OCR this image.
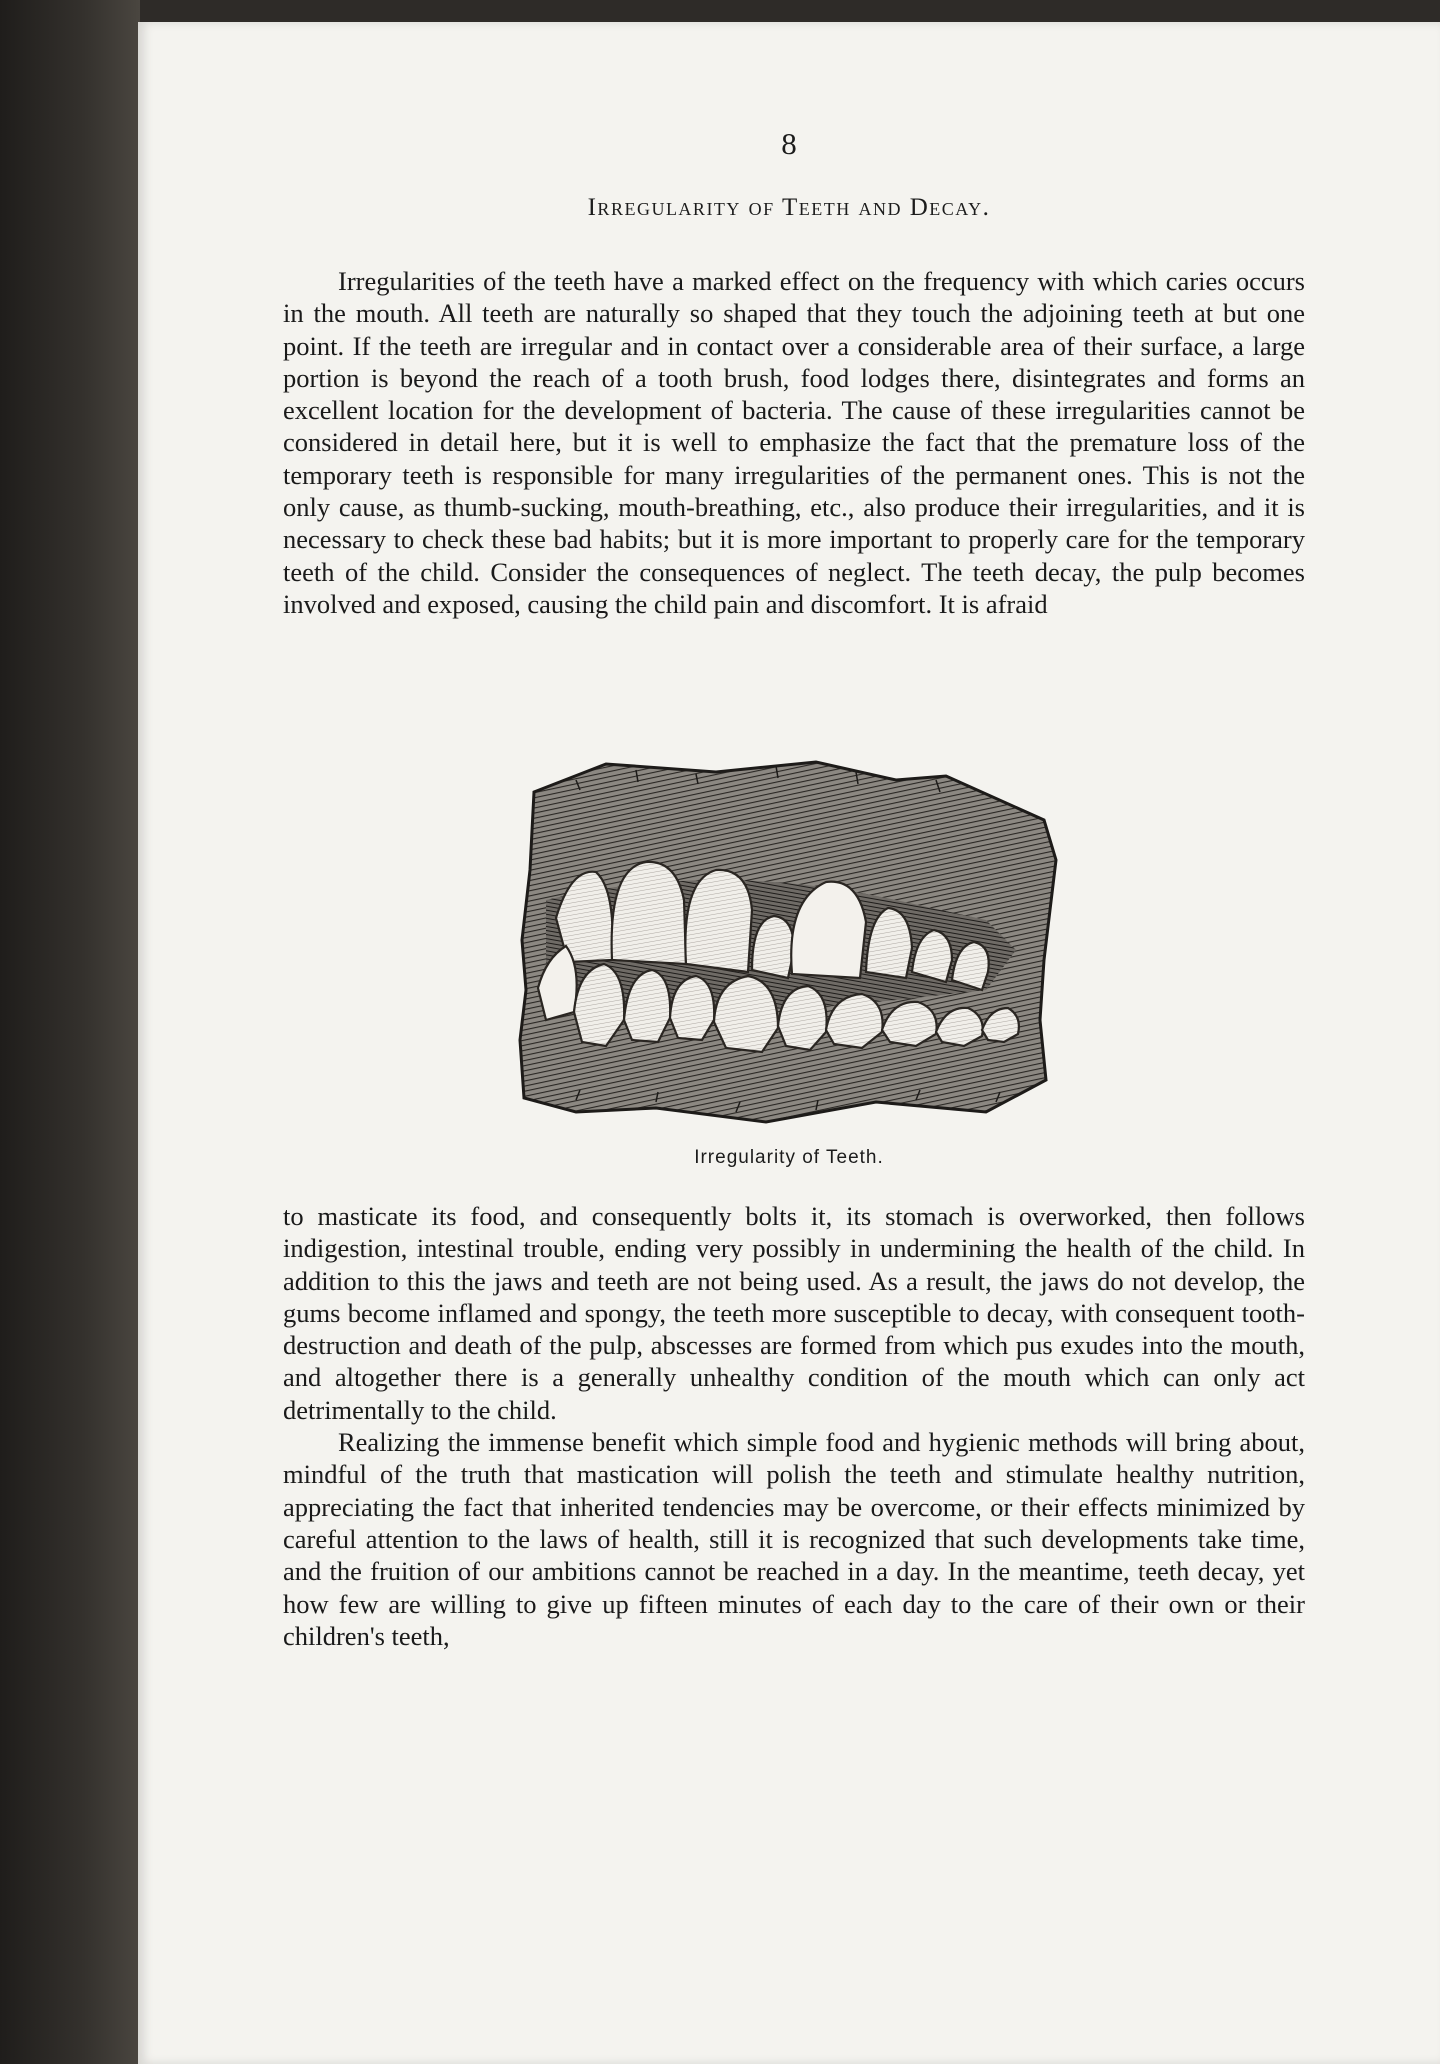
8
Irregularity of Teeth and Decay.

Irregularities of the teeth have a marked effect on the frequency with which caries occurs in the mouth. All teeth are naturally so shaped that they touch the adjoining teeth at but one point. If the teeth are irregular and in contact over a considerable area of their surface, a large portion is beyond the reach of a tooth brush, food lodges there, disintegrates and forms an excellent location for the development of bacteria. The cause of these irregularities cannot be considered in detail here, but it is well to emphasize the fact that the premature loss of the temporary teeth is responsible for many irregularities of the permanent ones. This is not the only cause, as thumb-sucking, mouth-breathing, etc., also produce their irregularities, and it is necessary to check these bad habits; but it is more important to properly care for the temporary teeth of the child. Consider the consequences of neglect. The teeth decay, the pulp becomes involved and exposed, causing the child pain and discomfort. It is afraid

Irregularity of Teeth.

to masticate its food, and consequently bolts it, its stomach is overworked, then follows indigestion, intestinal trouble, ending very possibly in undermining the health of the child. In addition to this the jaws and teeth are not being used. As a result, the jaws do not develop, the gums become inflamed and spongy, the teeth more susceptible to decay, with consequent tooth-destruction and death of the pulp, abscesses are formed from which pus exudes into the mouth, and altogether there is a generally unhealthy condition of the mouth which can only act detrimentally to the child.

Realizing the immense benefit which simple food and hygienic methods will bring about, mindful of the truth that mastication will polish the teeth and stimulate healthy nutrition, appreciating the fact that inherited tendencies may be overcome, or their effects minimized by careful attention to the laws of health, still it is recognized that such developments take time, and the fruition of our ambitions cannot be reached in a day. In the meantime, teeth decay, yet how few are willing to give up fifteen minutes of each day to the care of their own or their children's teeth,
